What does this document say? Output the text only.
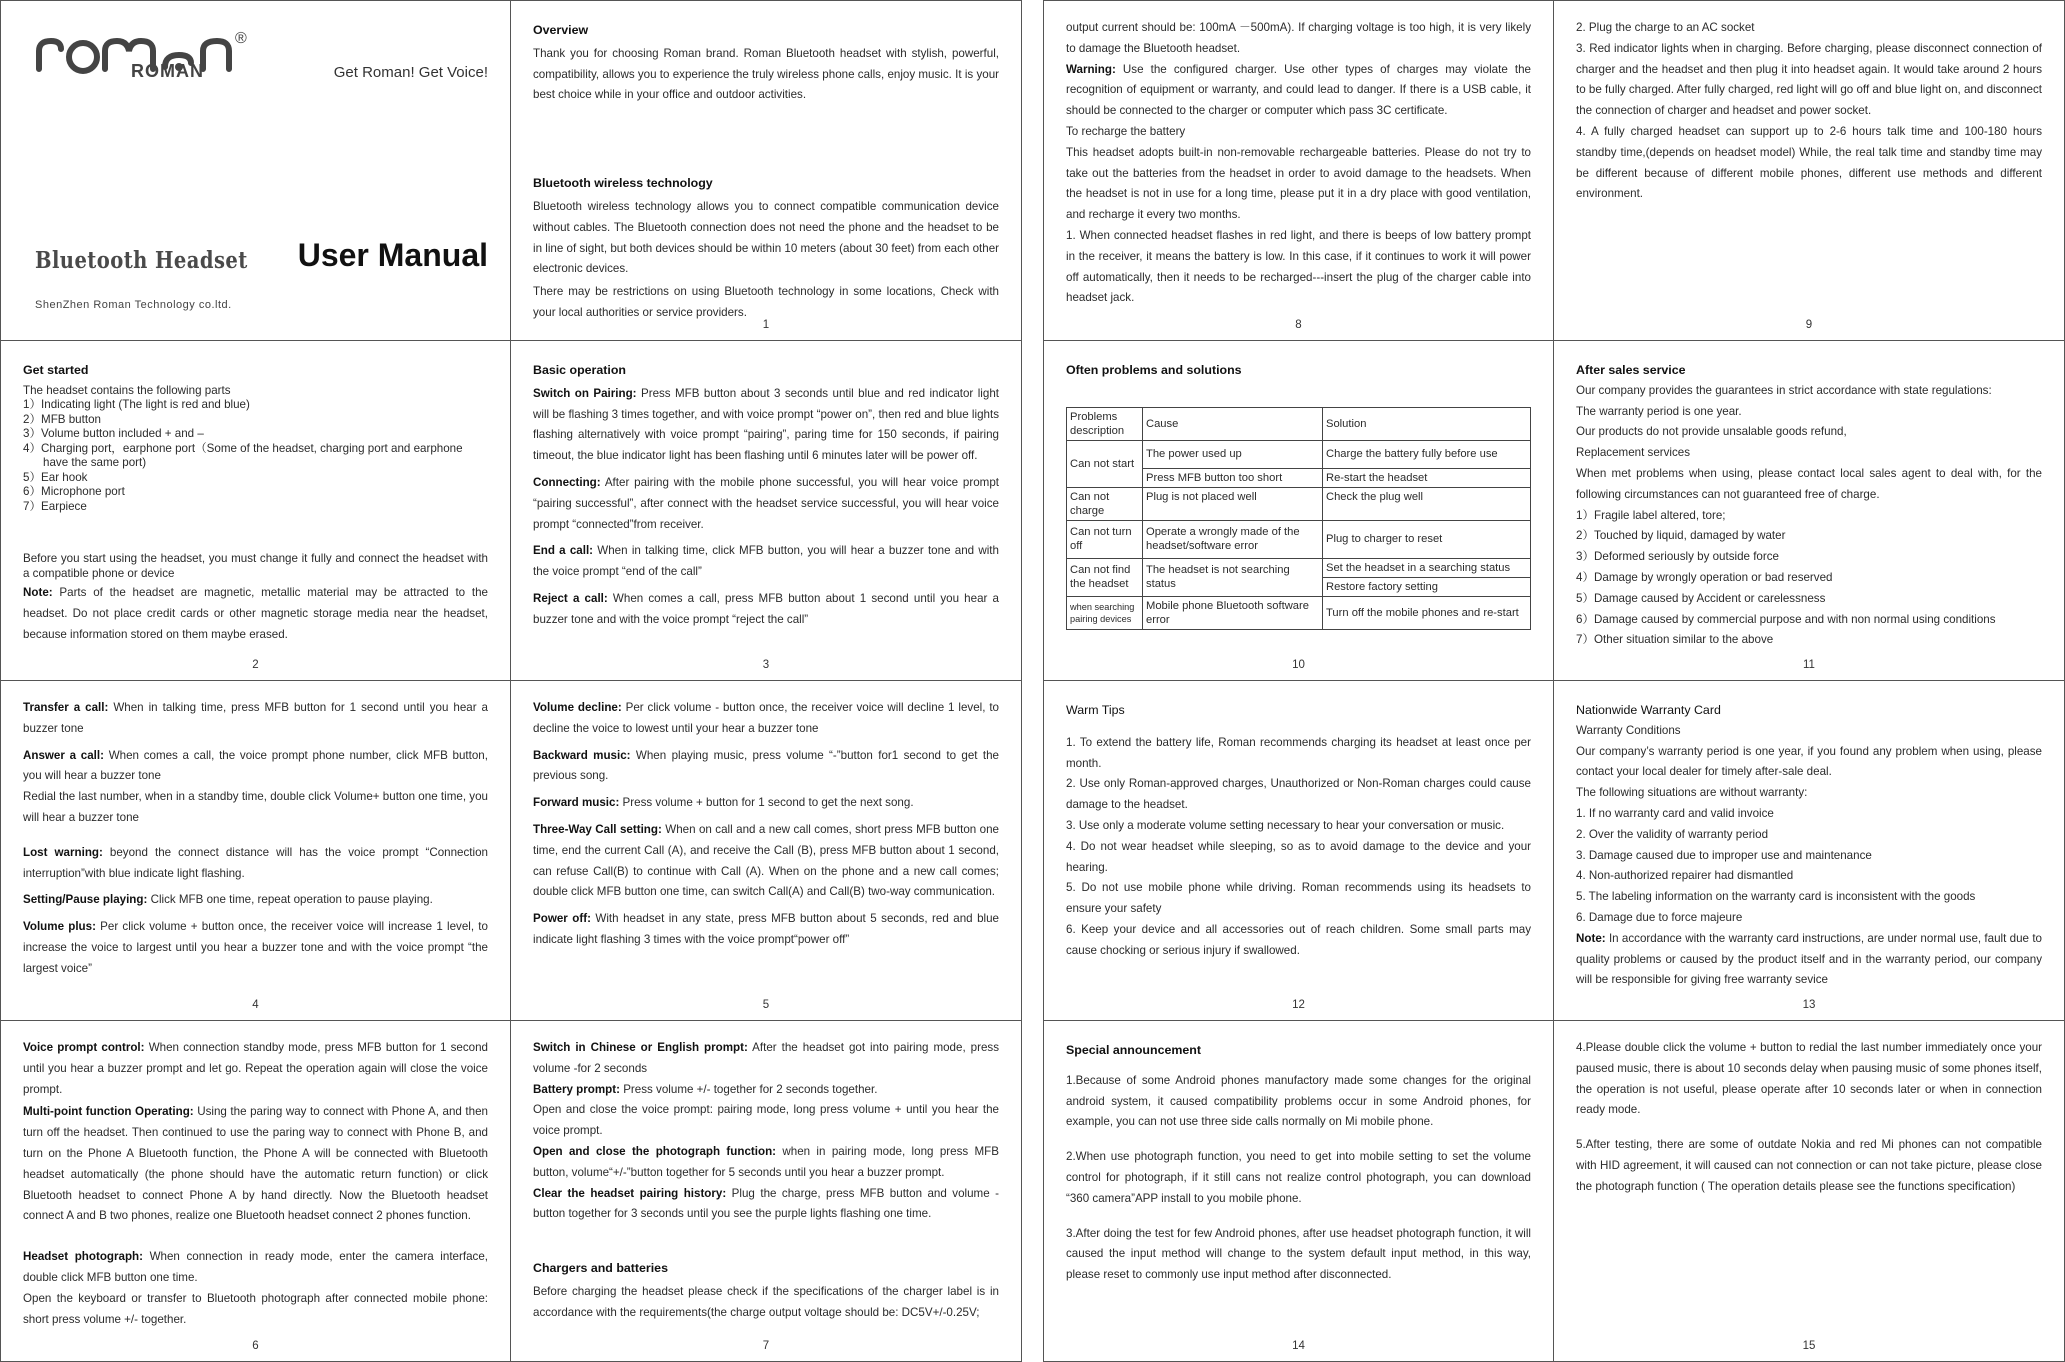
®
ROMAN	Get Roman! Get Voice!
Bluetooth Headset User Manual
ShenZhen Roman Technology co.ltd.
Overview

Thank you for choosing Roman brand. Roman Bluetooth headset with stylish, powerful, compatibility, allows you to experience the truly wireless phone calls, enjoy music. It is your best choice while in your office and outdoor activities.

Bluetooth wireless technology

Bluetooth wireless technology allows you to connect compatible communication device without cables. The Bluetooth connection does not need the phone and the headset to be in line of sight, but both devices should be within 10 meters (about 30 feet) from each other electronic devices.

There may be restrictions on using Bluetooth technology in some locations, Check with your local authorities or service providers.

1
Get started
The headset contains the following parts
1）Indicating light (The light is red and blue)
2）MFB button
3）Volume button included + and –
4）Charging port，earphone port（Some of the headset, charging port and earphone
have the same port)
5）Ear hook
6）Microphone port
7）Earpiece

Before you start using the headset, you must change it fully and connect the headset with a compatible phone or device

Note: Parts of the headset are magnetic, metallic material may be attracted to the headset. Do not place credit cards or other magnetic storage media near the headset, because information stored on them maybe erased.

2
Basic operation

Switch on Pairing: Press MFB button about 3 seconds until blue and red indicator light will be flashing 3 times together, and with voice prompt “power on”, then red and blue lights flashing alternatively with voice prompt “pairing”, paring time for 150 seconds, if pairing timeout, the blue indicator light has been flashing until 6 minutes later will be power off.

Connecting: After pairing with the mobile phone successful, you will hear voice prompt “pairing successful”, after connect with the headset service successful, you will hear voice prompt “connected”from receiver.

End a call: When in talking time, click MFB button, you will hear a buzzer tone and with the voice prompt “end of the call”

Reject a call: When comes a call, press MFB button about 1 second until you hear a buzzer tone and with the voice prompt “reject the call”

3

Transfer a call: When in talking time, press MFB button for 1 second until you hear a buzzer tone

Answer a call: When comes a call, the voice prompt phone number, click MFB button, you will hear a buzzer tone

Redial the last number, when in a standby time, double click Volume+ button one time, you will hear a buzzer tone

Lost warning: beyond the connect distance will has the voice prompt “Connection interruption”with blue indicate light flashing.

Setting/Pause playing: Click MFB one time, repeat operation to pause playing.

Volume plus: Per click volume + button once, the receiver voice will increase 1 level, to increase the voice to largest until you hear a buzzer tone and with the voice prompt “the largest voice”

4

Volume decline: Per click volume - button once, the receiver voice will decline 1 level, to decline the voice to lowest until your hear a buzzer tone

Backward music: When playing music, press volume “-”button for1 second to get the previous song.

Forward music: Press volume + button for 1 second to get the next song.

Three-Way Call setting: When on call and a new call comes, short press MFB button one time, end the current Call (A), and receive the Call (B), press MFB button about 1 second, can refuse Call(B) to continue with Call (A). When on the phone and a new call comes; double click MFB button one time, can switch Call(A) and Call(B) two-way communication.

Power off: With headset in any state, press MFB button about 5 seconds, red and blue indicate light flashing 3 times with the voice prompt“power off”

5

Voice prompt control: When connection standby mode, press MFB button for 1 second until you hear a buzzer prompt and let go. Repeat the operation again will close the voice prompt.

Multi-point function Operating: Using the paring way to connect with Phone A, and then turn off the headset. Then continued to use the paring way to connect with Phone B, and turn on the Phone A Bluetooth function, the Phone A will be connected with Bluetooth headset automatically (the phone should have the automatic return function) or click Bluetooth headset to connect Phone A by hand directly. Now the Bluetooth headset connect A and B two phones, realize one Bluetooth headset connect 2 phones function.

Headset photograph: When connection in ready mode, enter the camera interface, double click MFB button one time.

Open the keyboard or transfer to Bluetooth photograph after connected mobile phone: short press volume +/- together.

6

Switch in Chinese or English prompt: After the headset got into pairing mode, press volume -for 2 seconds

Battery prompt: Press volume +/- together for 2 seconds together.

Open and close the voice prompt: pairing mode, long press volume + until you hear the voice prompt.

Open and close the photograph function: when in pairing mode, long press MFB button, volume“+/-”button together for 5 seconds until you hear a buzzer prompt.

Clear the headset pairing history: Plug the charge, press MFB button and volume - button together for 3 seconds until you see the purple lights flashing one time.

Chargers and batteries

Before charging the headset please check if the specifications of the charger label is in accordance with the requirements(the charge output voltage should be: DC5V+/-0.25V;

7

output current should be: 100mA －500mA). If charging voltage is too high, it is very likely to damage the Bluetooth headset.

Warning: Use the configured charger. Use other types of charges may violate the recognition of equipment or warranty, and could lead to danger. If there is a USB cable, it should be connected to the charger or computer which pass 3C certificate.

To recharge the battery

This headset adopts built-in non-removable rechargeable batteries. Please do not try to take out the batteries from the headset in order to avoid damage to the headsets. When the headset is not in use for a long time, please put it in a dry place with good ventilation, and recharge it every two months.

1. When connected headset flashes in red light, and there is beeps of low battery prompt in the receiver, it means the battery is low. In this case, if it continues to work it will power off automatically, then it needs to be recharged---insert the plug of the charger cable into headset jack.

8

2. Plug the charge to an AC socket

3. Red indicator lights when in charging. Before charging, please disconnect connection of charger and the headset and then plug it into headset again. It would take around 2 hours to be fully charged. After fully charged, red light will go off and blue light on, and disconnect the connection of charger and headset and power socket.

4. A fully charged headset can support up to 2-6 hours talk time and 100-180 hours standby time,(depends on headset model) While, the real talk time and standby time may be different because of different mobile phones, different use methods and different environment.

9
Often problems and solutions
Problems description	Cause	Solution
Can not start	The power used up	Charge the battery fully before use
	Press MFB button too short	Re-start the headset
Can not charge	Plug is not placed well	Check the plug well
Can not turn off	Operate a wrongly made of the headset/software error	Plug to charger to reset
Can not find the headset	The headset is not searching status	Set the headset in a searching status
		Restore factory setting
when searching pairing devices	Mobile phone Bluetooth software error	Turn off the mobile phones and re-start
10
After sales service

Our company provides the guarantees in strict accordance with state regulations:

The warranty period is one year.

Our products do not provide unsalable goods refund,

Replacement services

When met problems when using, please contact local sales agent to deal with, for the following circumstances can not guaranteed free of charge.

1）Fragile label altered, tore;
2）Touched by liquid, damaged by water
3）Deformed seriously by outside force
4）Damage by wrongly operation or bad reserved
5）Damage caused by Accident or carelessness
6）Damage caused by commercial purpose and with non normal using conditions
7）Other situation similar to the above
11
Warm Tips

1. To extend the battery life, Roman recommends charging its headset at least once per month.

2. Use only Roman-approved charges, Unauthorized or Non-Roman charges could cause damage to the headset.

3. Use only a moderate volume setting necessary to hear your conversation or music.

4. Do not wear headset while sleeping, so as to avoid damage to the device and your hearing.

5. Do not use mobile phone while driving. Roman recommends using its headsets to ensure your safety

6. Keep your device and all accessories out of reach children. Some small parts may cause chocking or serious injury if swallowed.

12
Nationwide Warranty Card

Warranty Conditions

Our company’s warranty period is one year, if you found any problem when using, please contact your local dealer for timely after-sale deal.

The following situations are without warranty:

1. If no warranty card and valid invoice
2. Over the validity of warranty period
3. Damage caused due to improper use and maintenance
4. Non-authorized repairer had dismantled
5. The labeling information on the warranty card is inconsistent with the goods
6. Damage due to force majeure

Note: In accordance with the warranty card instructions, are under normal use, fault due to quality problems or caused by the product itself and in the warranty period, our company will be responsible for giving free warranty sevice

13
Special announcement

1.Because of some Android phones manufactory made some changes for the original android system, it caused compatibility problems occur in some Android phones, for example, you can not use three side calls normally on Mi mobile phone.

2.When use photograph function, you need to get into mobile setting to set the volume control for photograph, if it still cans not realize control photograph, you can download “360 camera”APP install to you mobile phone.

3.After doing the test for few Android phones, after use headset photograph function, it will caused the input method will change to the system default input method, in this way, please reset to commonly use input method after disconnected.

14

4.Please double click the volume + button to redial the last number immediately once your paused music, there is about 10 seconds delay when pausing music of some phones itself, the operation is not useful, please operate after 10 seconds later or when in connection ready mode.

5.After testing, there are some of outdate Nokia and red Mi phones can not compatible with HID agreement, it will caused can not connection or can not take picture, please close the photograph function ( The operation details please see the functions specification)

15
